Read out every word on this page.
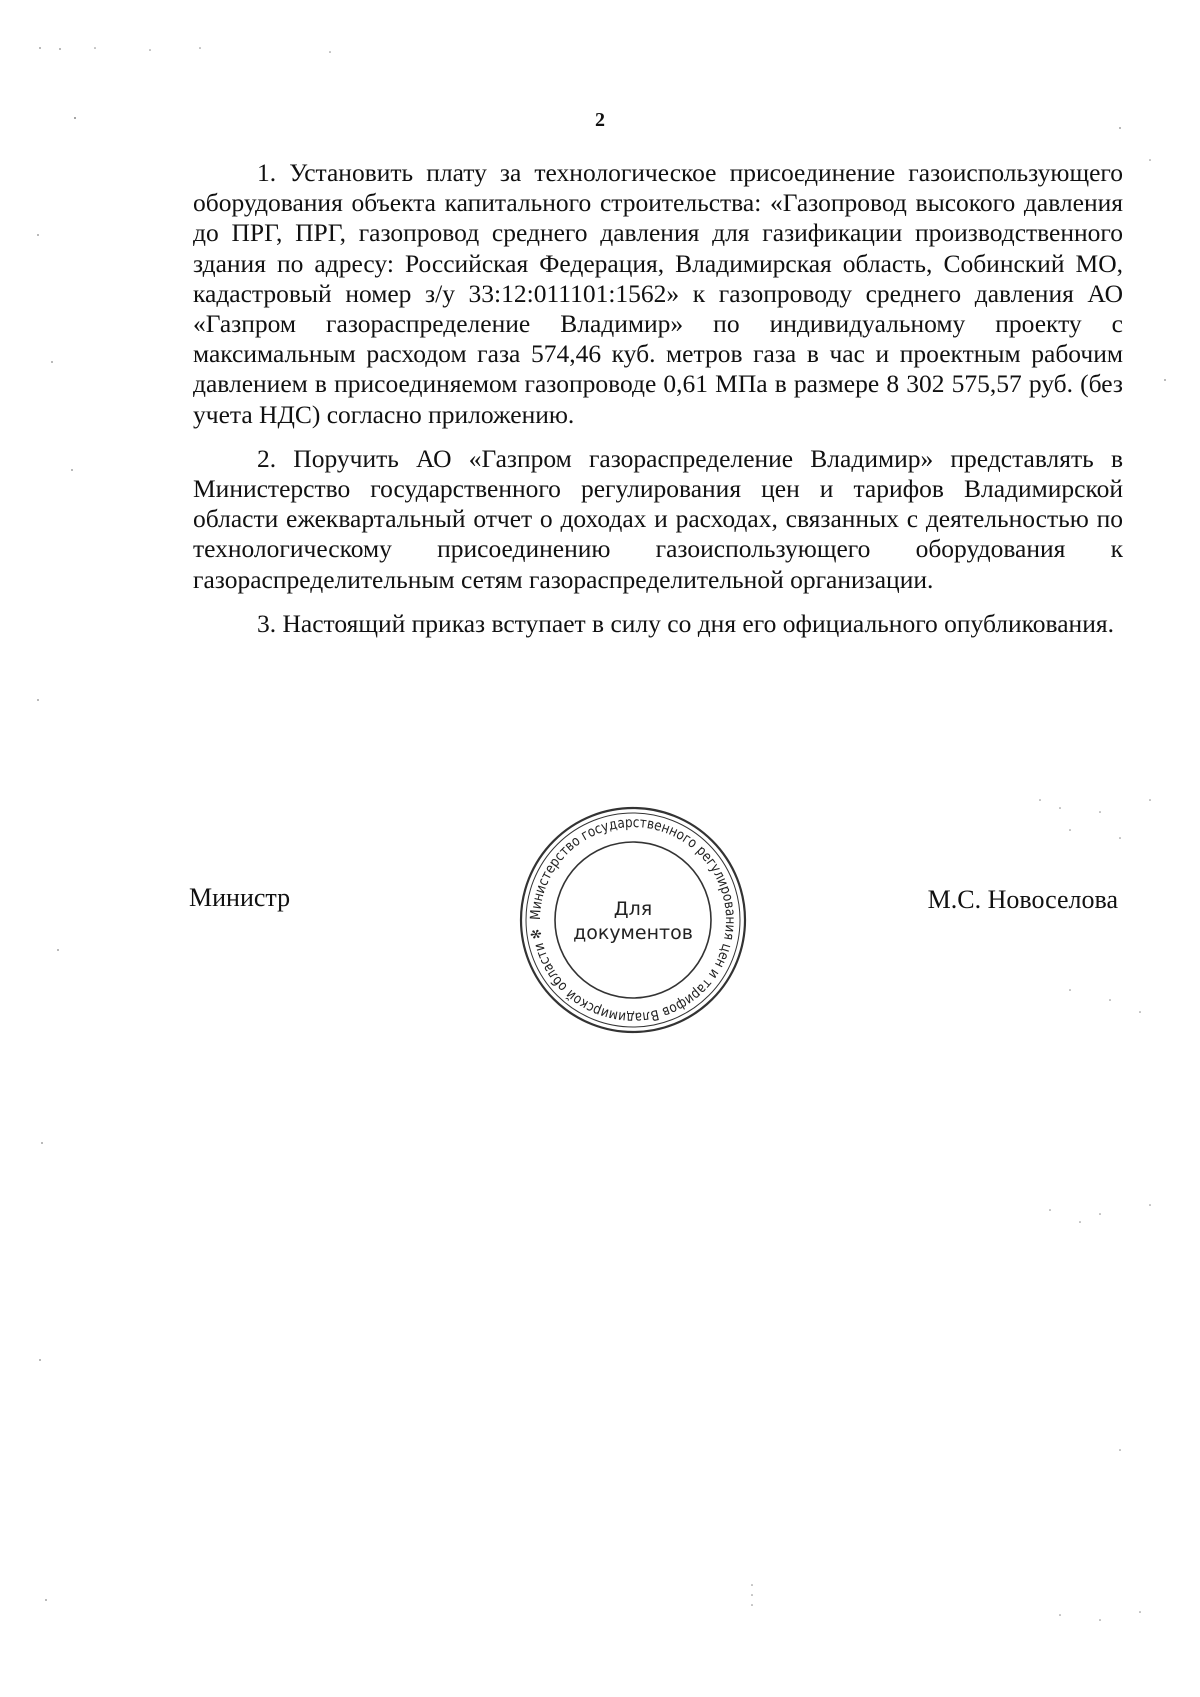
2

1. Установить плату за технологическое присоединение газоиспользующего оборудования объекта капитального строительства: «Газопровод высокого давления до ПРГ, ПРГ, газопровод среднего давления для газификации производственного здания по адресу: Российская Федерация, Владимирская область, Собинский МО, кадастровый номер з/у 33:12:011101:1562» к газопроводу среднего давления АО «Газпром газораспределение Владимир» по индивидуальному проекту с максимальным расходом газа 574,46 куб. метров газа в час и проектным рабочим давлением в присоединяемом газопроводе 0,61 МПа в размере 8 302 575,57 руб. (без учета НДС) согласно приложению.

2. Поручить АО «Газпром газораспределение Владимир» представлять в Министерство государственного регулирования цен и тарифов Владимирской области ежеквартальный отчет о доходах и расходах, связанных с деятельностью по технологическому присоединению газоиспользующего оборудования к газораспределительным сетям газораспределительной организации.

3. Настоящий приказ вступает в силу со дня его официального опубликования.

Министр	М.С. Новоселова
Министерство государственного регулирования цен и тарифов Владимирской области ✻
Для
документов
